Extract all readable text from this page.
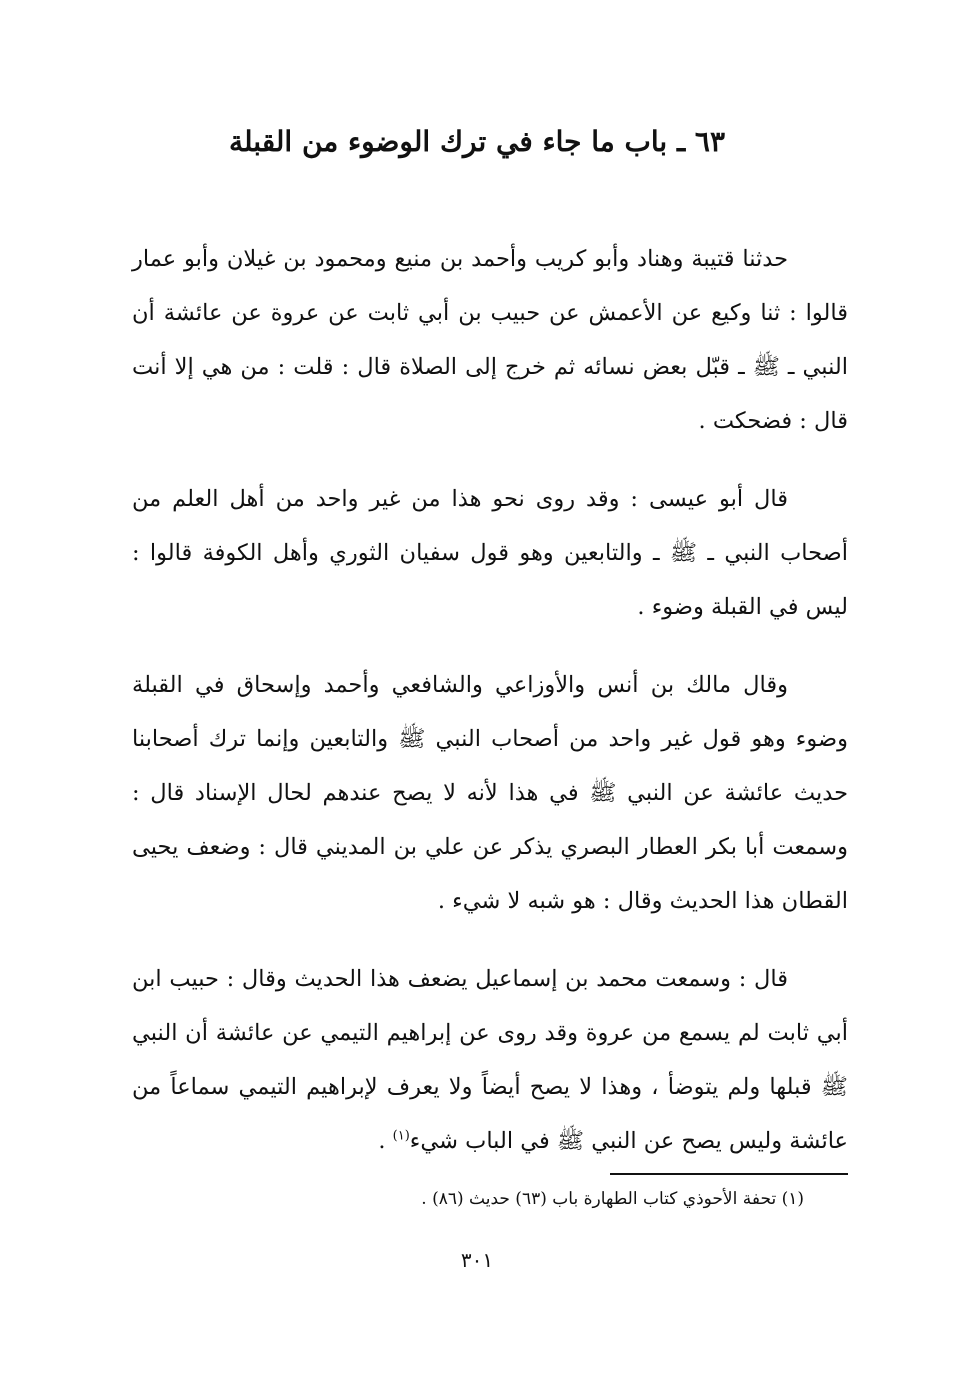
٦٣ ـ باب ما جاء في ترك الوضوء من القبلة

حدثنا قتيبة وهناد وأبو كريب وأحمد بن منيع ومحمود بن غيلان وأبو عمار قالوا : ثنا وكيع عن الأعمش عن حبيب بن أبي ثابت عن عروة عن عائشة أن النبي ـ ﷺ ـ قبّل بعض نسائه ثم خرج إلى الصلاة قال : قلت : من هي إلا أنت قال : فضحكت .

قال أبو عيسى : وقد روى نحو هذا من غير واحد من أهل العلم من أصحاب النبي ـ ﷺ ـ والتابعين وهو قول سفيان الثوري وأهل الكوفة قالوا : ليس في القبلة وضوء .

وقال مالك بن أنس والأوزاعي والشافعي وأحمد وإسحاق في القبلة وضوء وهو قول غير واحد من أصحاب النبي ﷺ والتابعين وإنما ترك أصحابنا حديث عائشة عن النبي ﷺ في هذا لأنه لا يصح عندهم لحال الإسناد قال : وسمعت أبا بكر العطار البصري يذكر عن علي بن المديني قال : وضعف يحيى القطان هذا الحديث وقال : هو شبه لا شيء .

قال : وسمعت محمد بن إسماعيل يضعف هذا الحديث وقال : حبيب ابن أبي ثابت لم يسمع من عروة وقد روى عن إبراهيم التيمي عن عائشة أن النبي ﷺ قبلها ولم يتوضأ ، وهذا لا يصح أيضاً ولا يعرف لإبراهيم التيمي سماعاً من عائشة وليس يصح عن النبي ﷺ في الباب شيء$^{(١)}$ .

(١) تحفة الأحوذي كتاب الطهارة باب (٦٣) حديث (٨٦) .
٣٠١
